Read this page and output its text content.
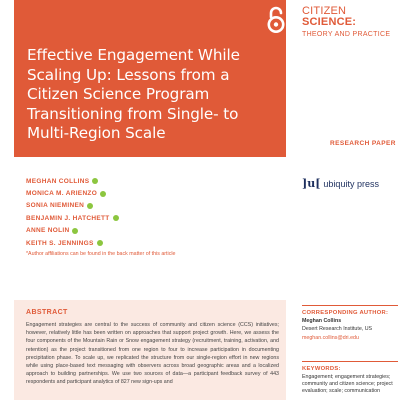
Effective Engagement While Scaling Up: Lessons from a Citizen Science Program Transitioning from Single- to Multi-Region Scale
CITIZEN SCIENCE:
THEORY AND PRACTICE
RESEARCH PAPER
MEGHAN COLLINS
MONICA M. ARIENZO
SONIA NIEMINEN
BENJAMIN J. HATCHETT
ANNE NOLIN
KEITH S. JENNINGS
*Author affiliations can be found in the back matter of this article
]u[ ubiquity press
ABSTRACT

Engagement strategies are central to the success of community and citizen science (CCS) initiatives; however, relatively little has been written on approaches that support project growth. Here, we assess the four components of the Mountain Rain or Snow engagement strategy (recruitment, training, activation, and retention) as the project transitioned from one region to four to increase participation in documenting precipitation phase. To scale up, we replicated the structure from our single-region effort in new regions while using place-based text messaging with observers across broad geographic areas and a localized approach to building partnerships. We use two sources of data—a participant feedback survey of 443 respondents and participant analytics of 827 new sign-ups and

CORRESPONDING AUTHOR:
Meghan Collins
Desert Research Institute, US
meghan.collins@dri.edu
KEYWORDS:
Engagement; engagement strategies; community and citizen science; project evaluation; scale; communication
